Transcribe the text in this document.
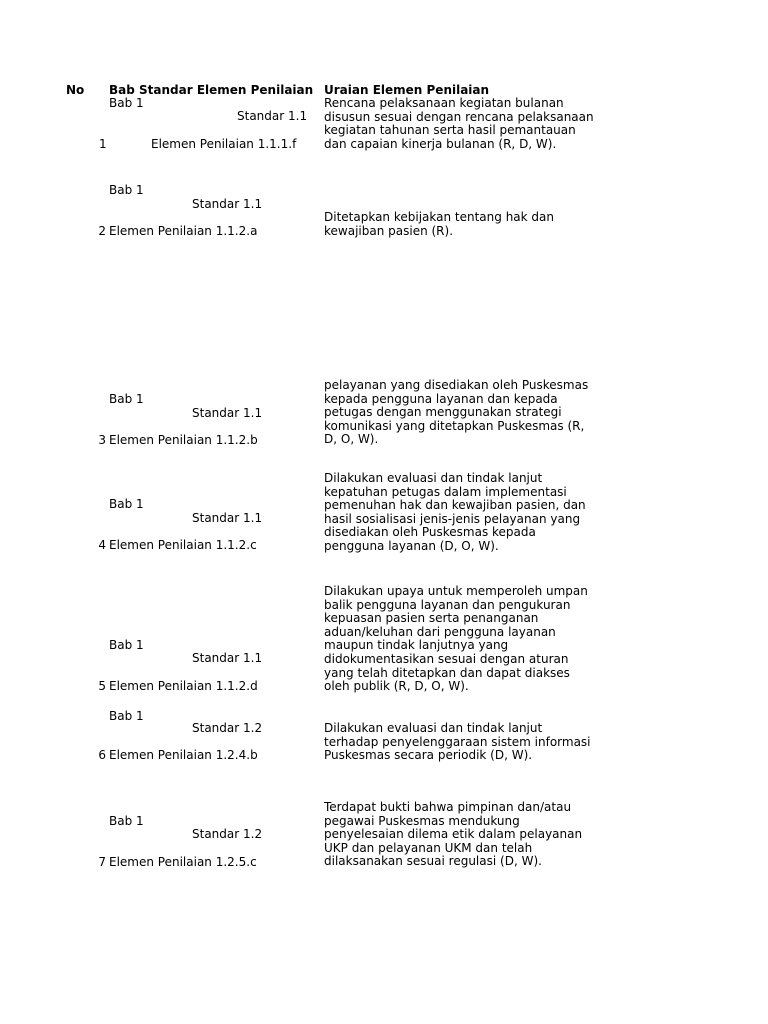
No Bab Standar Elemen Penilaian Uraian Elemen Penilaian
Bab 1
Standar 1.1
1	Elemen Penilaian 1.1.1.f
Rencana pelaksanaan kegiatan bulanan disusun sesuai dengan rencana pelaksanaan kegiatan tahunan serta hasil pemantauan dan capaian kinerja bulanan (R, D, W).
Bab 1
Standar 1.1
2 Elemen Penilaian 1.1.2.a
Ditetapkan kebijakan tentang hak dan kewajiban pasien (R).
Bab 1
Standar 1.1
3 Elemen Penilaian 1.1.2.b
pelayanan yang disediakan oleh Puskesmas kepada pengguna layanan dan kepada petugas dengan menggunakan strategi komunikasi yang ditetapkan Puskesmas (R, D, O, W).
Bab 1
Standar 1.1
4 Elemen Penilaian 1.1.2.c
Dilakukan evaluasi dan tindak lanjut kepatuhan petugas dalam implementasi pemenuhan hak dan kewajiban pasien, dan hasil sosialisasi jenis-jenis pelayanan yang disediakan oleh Puskesmas kepada pengguna layanan (D, O, W).
Bab 1
Standar 1.1
5 Elemen Penilaian 1.1.2.d
Dilakukan upaya untuk memperoleh umpan balik pengguna layanan dan pengukuran kepuasan pasien serta penanganan aduan/keluhan dari pengguna layanan maupun tindak lanjutnya yang didokumentasikan sesuai dengan aturan yang telah ditetapkan dan dapat diakses oleh publik (R, D, O, W).
Bab 1
Standar 1.2
6 Elemen Penilaian 1.2.4.b
Dilakukan evaluasi dan tindak lanjut terhadap penyelenggaraan sistem informasi Puskesmas secara periodik (D, W).
Bab 1
Standar 1.2
7 Elemen Penilaian 1.2.5.c
Terdapat bukti bahwa pimpinan dan/atau pegawai Puskesmas mendukung penyelesaian dilema etik dalam pelayanan UKP dan pelayanan UKM dan telah dilaksanakan sesuai regulasi (D, W).
